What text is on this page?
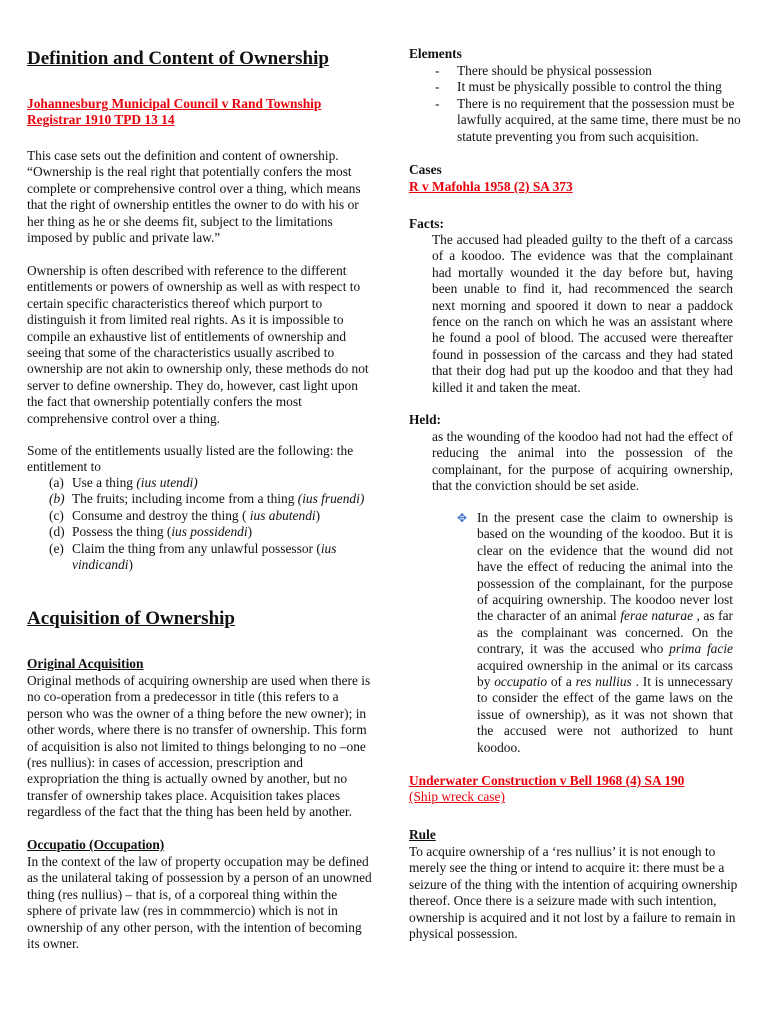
Definition and Content of Ownership

Johannesburg Municipal Council v Rand Township Registrar 1910 TPD 13 14

This case sets out the definition and content of ownership. “Ownership is the real right that potentially confers the most complete or comprehensive control over a thing, which means that the right of ownership entitles the owner to do with his or her thing as he or she deems fit, subject to the limitations imposed by public and private law.”

Ownership is often described with reference to the different entitlements or powers of ownership as well as with respect to certain specific characteristics thereof which purport to distinguish it from limited real rights. As it is impossible to compile an exhaustive list of entitlements of ownership and seeing that some of the characteristics usually ascribed to ownership are not akin to ownership only, these methods do not server to define ownership. They do, however, cast light upon the fact that ownership potentially confers the most comprehensive control over a thing.

Some of the entitlements usually listed are the following: the entitlement to

(a) Use a thing (ius utendi)
(b) The fruits; including income from a thing (ius fruendi)
(c) Consume and destroy the thing ( ius abutendi)
(d) Possess the thing (ius possidendi)
(e) Claim the thing from any unlawful possessor (ius vindicandi)
Acquisition of Ownership

Original Acquisition

Original methods of acquiring ownership are used when there is no co-operation from a predecessor in title (this refers to a person who was the owner of a thing before the new owner); in other words, where there is no transfer of ownership. This form of acquisition is also not limited to things belonging to no –one (res nullius): in cases of accession, prescription and expropriation the thing is actually owned by another, but no transfer of ownership takes place. Acquisition takes places regardless of the fact that the thing has been held by another.

Occupatio (Occupation)

In the context of the law of property occupation may be defined as the unilateral taking of possession by a person of an unowned thing (res nullius) – that is, of a corporeal thing within the sphere of private law (res in commmercio) which is not in ownership of any other person, with the intention of becoming its owner.

Elements

- There should be physical possession
- It must be physically possible to control the thing
- There is no requirement that the possession must be lawfully acquired, at the same time, there must be no statute preventing you from such acquisition.

Cases

R v Mafohla 1958 (2) SA 373

Facts:

The accused had pleaded guilty to the theft of a carcass of a koodoo. The evidence was that the complainant had mortally wounded it the day before but, having been unable to find it, had recommenced the search next morning and spoored it down to near a paddock fence on the ranch on which he was an assistant where he found a pool of blood. The accused were thereafter found in possession of the carcass and they had stated that their dog had put up the koodoo and that they had killed it and taken the meat.

Held:

as the wounding of the koodoo had not had the effect of reducing the animal into the possession of the complainant, for the purpose of acquiring ownership, that the conviction should be set aside.

✥ In the present case the claim to ownership is based on the wounding of the koodoo. But it is clear on the evidence that the wound did not have the effect of reducing the animal into the possession of the complainant, for the purpose of acquiring ownership. The koodoo never lost the character of an animal ferae naturae , as far as the complainant was concerned. On the contrary, it was the accused who prima facie acquired ownership in the animal or its carcass by occupatio of a res nullius . It is unnecessary to consider the effect of the game laws on the issue of ownership), as it was not shown that the accused were not authorized to hunt koodoo.

Underwater Construction v Bell 1968 (4) SA 190
(Ship wreck case)

Rule

To acquire ownership of a ‘res nullius’ it is not enough to merely see the thing or intend to acquire it: there must be a seizure of the thing with the intention of acquiring ownership thereof. Once there is a seizure made with such intention, ownership is acquired and it not lost by a failure to remain in physical possession.
